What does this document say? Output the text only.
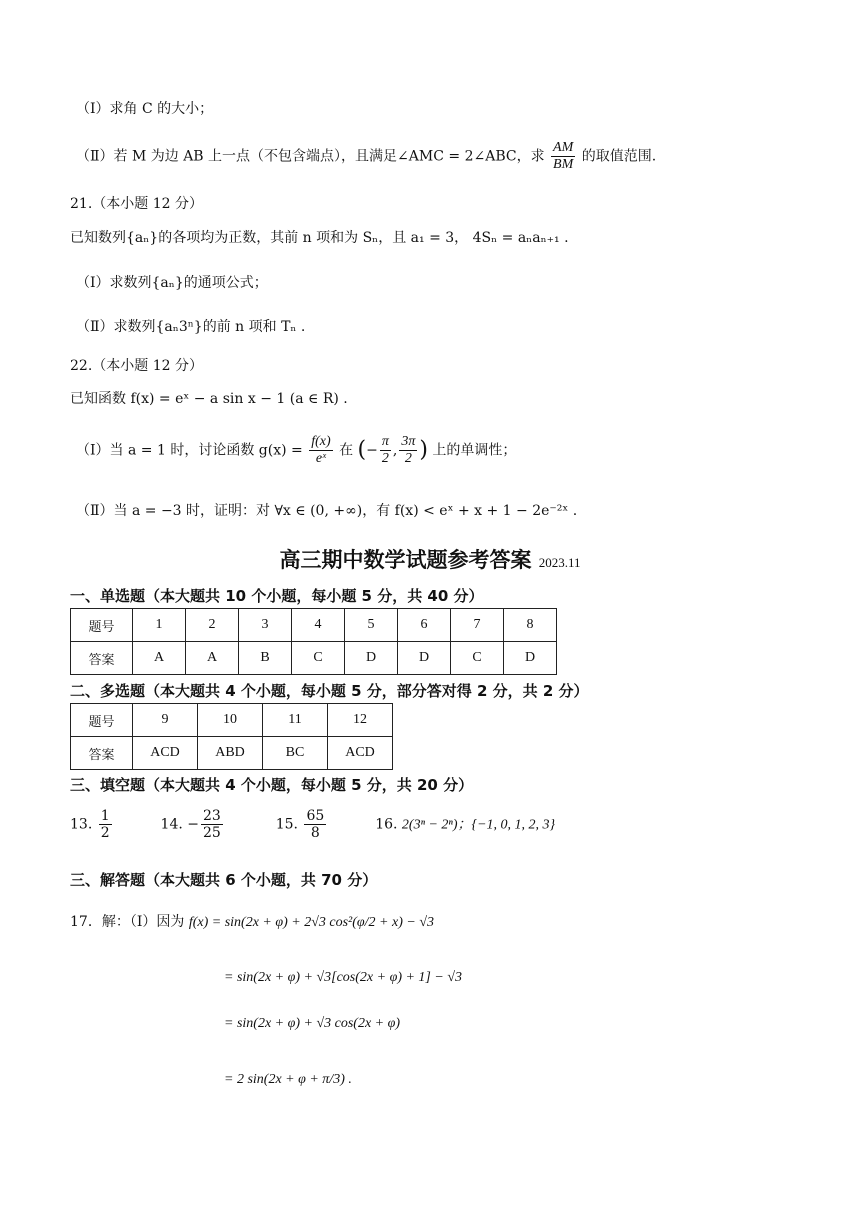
（Ⅰ）求角 C 的大小；
（Ⅱ）若 M 为边 AB 上一点（不包含端点），且满足∠AMC = 2∠ABC，求 $\frac{AM}{BM}$ 的取值范围.
21.（本小题 12 分）
已知数列{aₙ}的各项均为正数，其前 n 项和为 Sₙ，且 a₁ = 3， 4Sₙ = aₙaₙ₊₁ .
（Ⅰ）求数列{aₙ}的通项公式；
（Ⅱ）求数列{aₙ3ⁿ}的前 n 项和 Tₙ .
22.（本小题 12 分）
已知函数 f(x) = eˣ − a sin x − 1 (a ∈ R) .
（Ⅰ）当 a = 1 时，讨论函数 $g(x) = \frac{f(x)}{\text{eˣ}}$ 在 (− $\frac{\pi}{2}$ , $\frac{3\pi}{2}$ ) 上的单调性；
（Ⅱ）当 a = −3 时，证明：对 ∀x ∈ (0, +∞)，有 f(x) < eˣ + x + 1 − 2e⁻²ˣ .
高三期中数学试题参考答案 2023.11
一、单选题（本大题共 10 个小题，每小题 5 分，共 40 分）
题号	1	2	3	4	5	6	7	8
答案	A	A	B	C	D	D	C	D
二、多选题（本大题共 4 个小题，每小题 5 分，部分答对得 2 分，共 2 分）
题号	9	10	11	12
答案	ACD	ABD	BC	ACD
三、填空题（本大题共 4 个小题，每小题 5 分，共 20 分）
13. $\frac{1}{2}$	14. − $\frac{23}{25}$	15. $\frac{65}{8}$	16. 2(3ⁿ − 2ⁿ)；{−1, 0, 1, 2, 3}
三、解答题（本大题共 6 个小题，共 70 分）
17．解：（Ⅰ）因为 f(x) = sin(2x + φ) + 2√3 cos²(φ/2 + x) − √3
= sin(2x + φ) + √3[cos(2x + φ) + 1] − √3
= sin(2x + φ) + √3 cos(2x + φ)
= 2 sin(2x + φ + π/3) .
